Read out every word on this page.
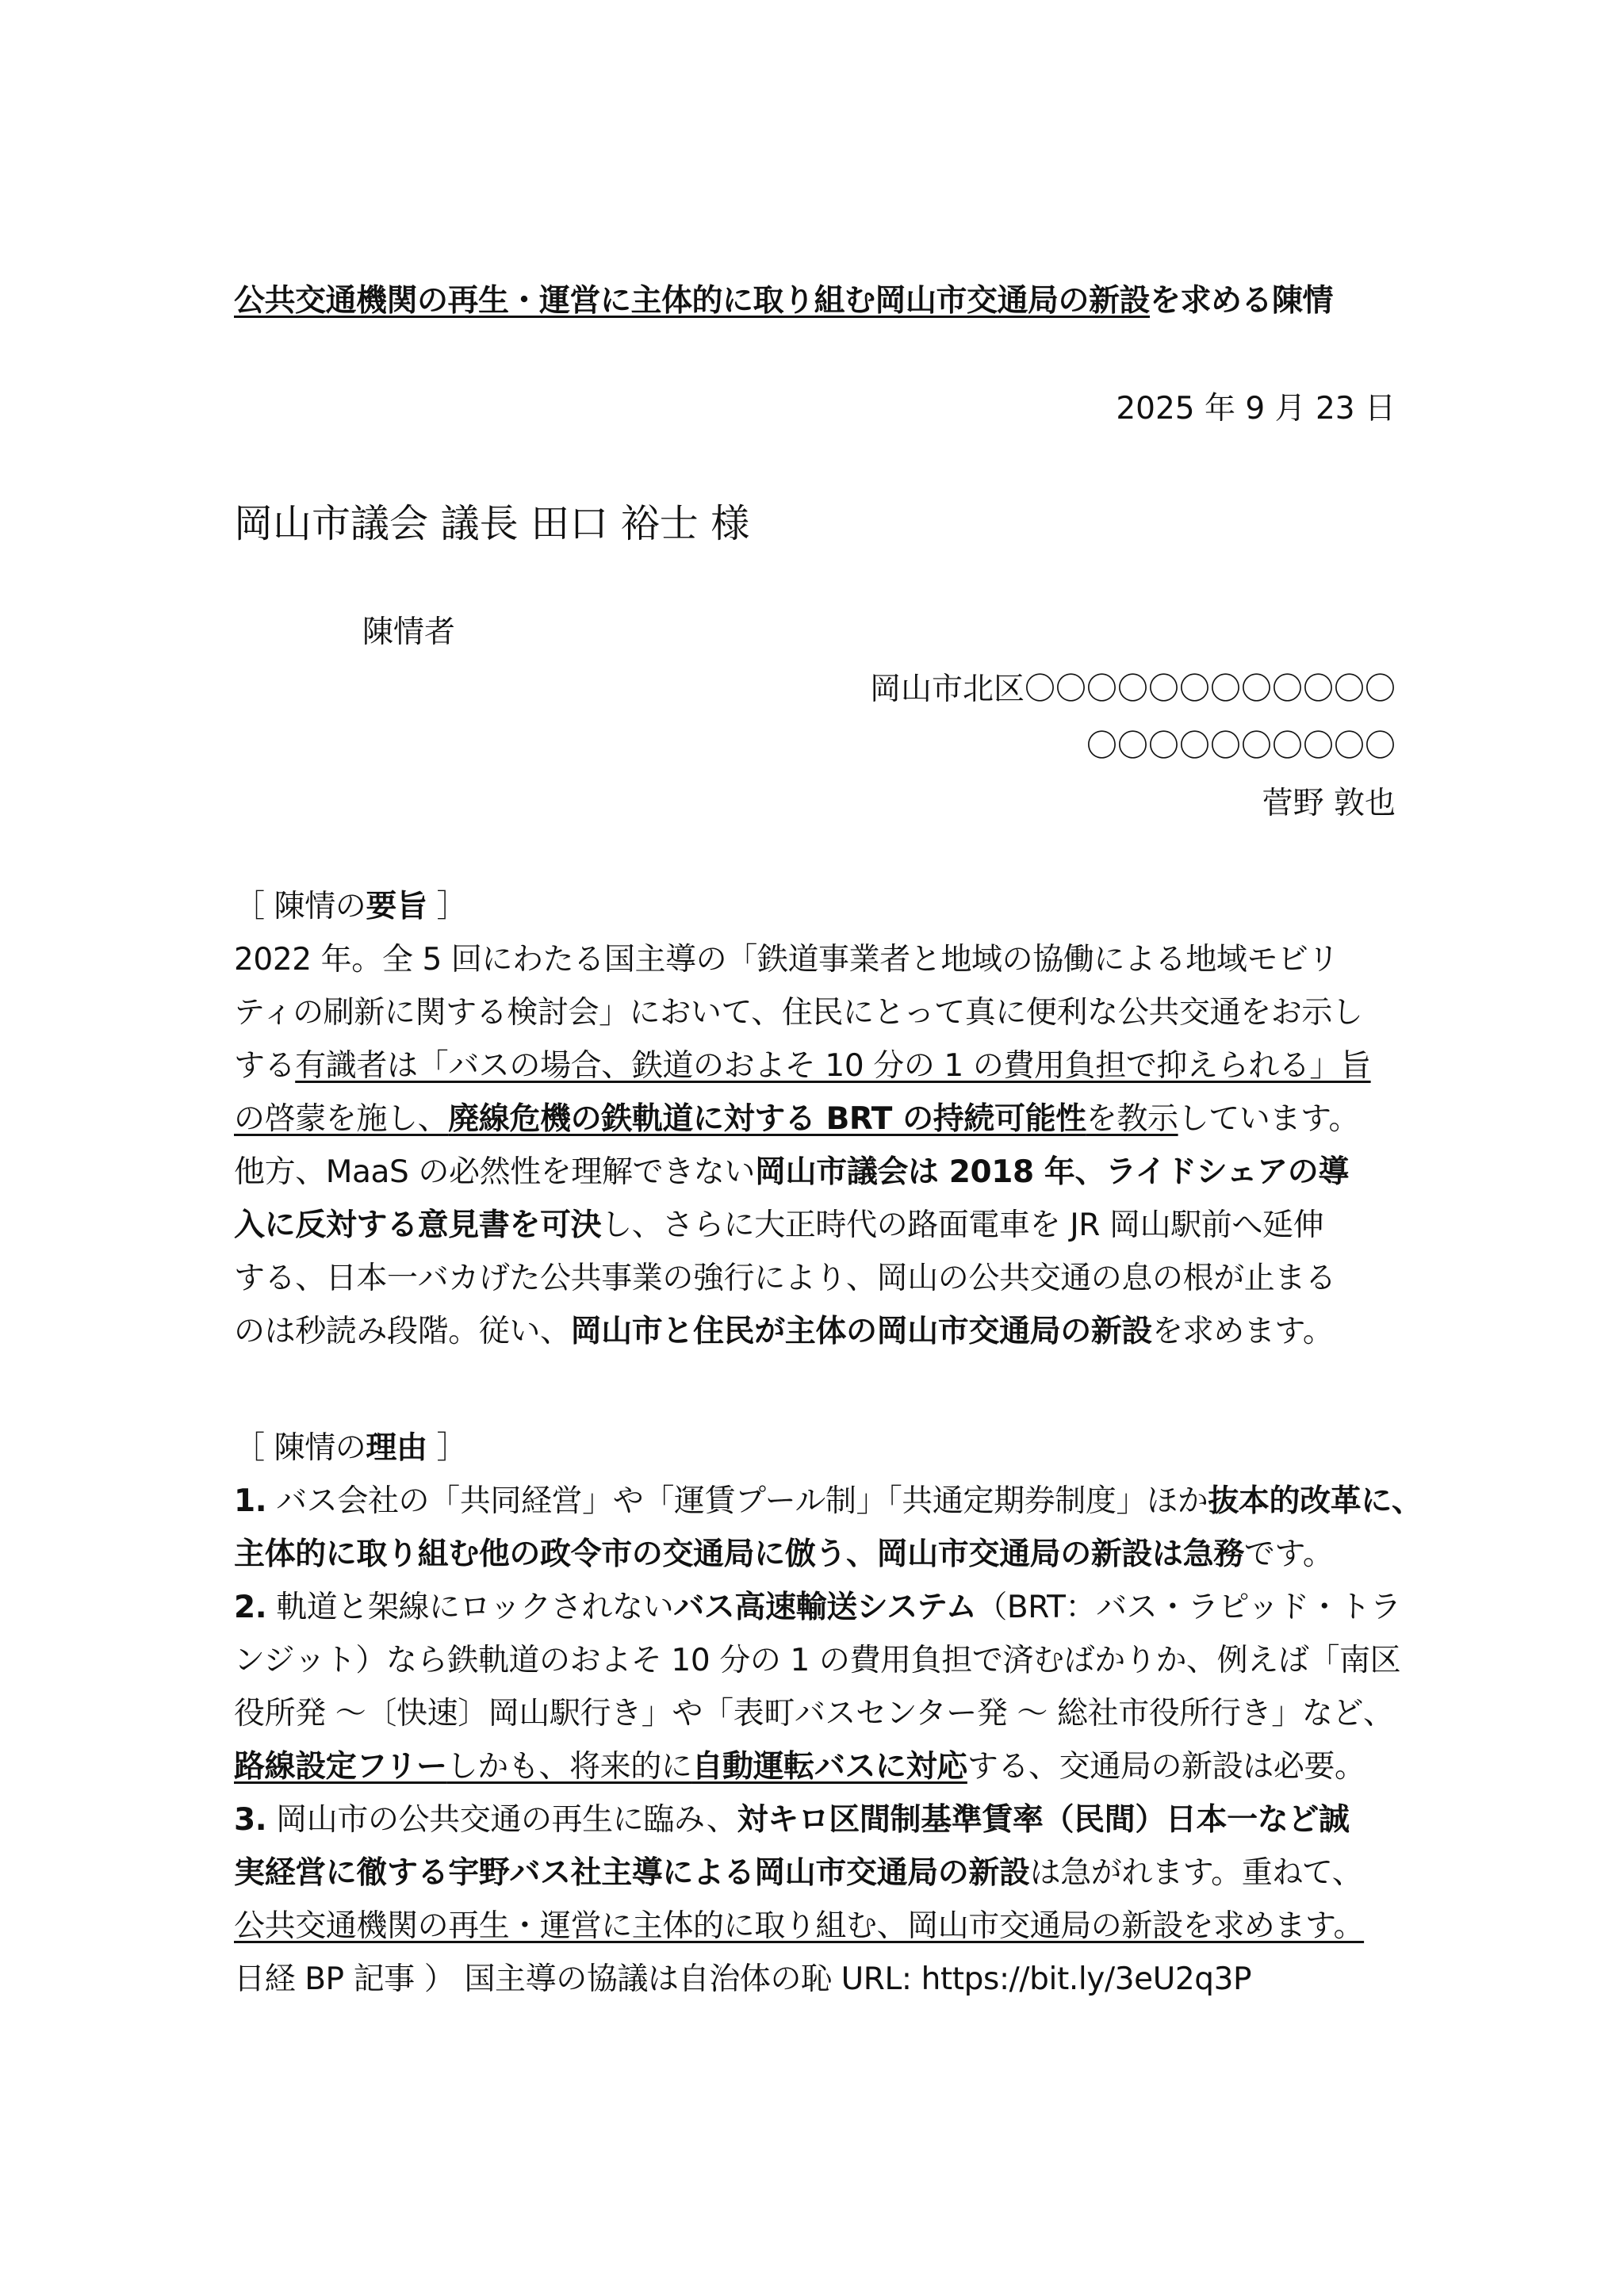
公共交通機関の再生・運営に主体的に取り組む岡山市交通局の新設を求める陳情
2025 年 9 月 23 日
岡山市議会 議長 田口 裕士 様
陳情者
岡山市北区〇〇〇〇〇〇〇〇〇〇〇〇
〇〇〇〇〇〇〇〇〇〇
菅野 敦也
［ 陳情の要旨 ］
2022 年。全 5 回にわたる国主導の「鉄道事業者と地域の協働による地域モビリ
ティの刷新に関する検討会」において、住民にとって真に便利な公共交通をお示し
する有識者は「バスの場合、鉄道のおよそ 10 分の 1 の費用負担で抑えられる」旨
の啓蒙を施し、廃線危機の鉄軌道に対する BRT の持続可能性を教示しています。
他方、MaaS の必然性を理解できない岡山市議会は 2018 年、ライドシェアの導
入に反対する意見書を可決し、さらに大正時代の路面電車を JR 岡山駅前へ延伸
する、日本一バカげた公共事業の強行により、岡山の公共交通の息の根が止まる
のは秒読み段階。従い、岡山市と住民が主体の岡山市交通局の新設を求めます。
［ 陳情の理由 ］
1. バス会社の「共同経営」や「運賃プール制」「共通定期券制度」ほか抜本的改革に、
主体的に取り組む他の政令市の交通局に倣う、岡山市交通局の新設は急務です。
2. 軌道と架線にロックされないバス高速輸送システム（BRT：バス・ラピッド・トラ
ンジット）なら鉄軌道のおよそ 10 分の 1 の費用負担で済むばかりか、例えば「南区
役所発 ～〔快速〕岡山駅行き」や「表町バスセンター発 ～ 総社市役所行き」など、
路線設定フリーしかも、将来的に自動運転バスに対応する、交通局の新設は必要。
3. 岡山市の公共交通の再生に臨み、対キロ区間制基準賃率（民間）日本一など誠
実経営に徹する宇野バス社主導による岡山市交通局の新設は急がれます。重ねて、
公共交通機関の再生・運営に主体的に取り組む、岡山市交通局の新設を求めます。
日経 BP 記事 ） 国主導の協議は自治体の恥 URL: https://bit.ly/3eU2q3P
